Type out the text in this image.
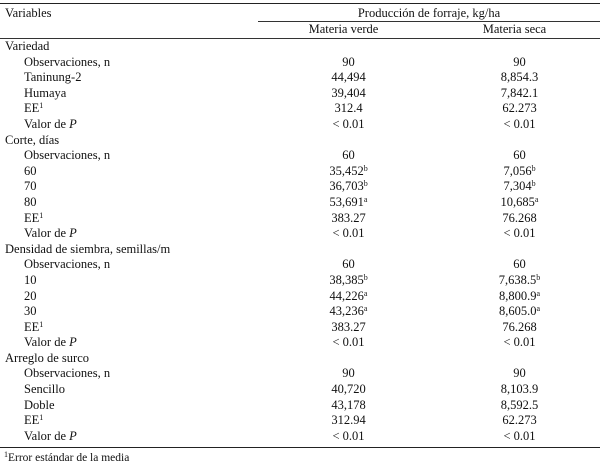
Variables	Producción de forraje, kg/ha
Materia verde	Materia seca
Variedad		
Observaciones, n	90	90
Taninung-2	44,494	8,854.3
Humaya	39,404	7,842.1
$EE^1$	312.4	62.273
Valor de P	< 0.01	< 0.01
Corte, días		
Observaciones, n	60	60
60	35,452$^b$	7,056$^b$
70	36,703$^b$	7,304$^b$
80	53,691$^a$	10,685$^a$
$EE^1$	383.27	76.268
Valor de P	< 0.01	< 0.01
Densidad de siembra, semillas/m		
Observaciones, n	60	60
10	38,385$^b$	7,638.5$^b$
20	44,226$^a$	8,800.9$^a$
30	43,236$^a$	8,605.0$^a$
$EE^1$	383.27	76.268
Valor de P	< 0.01	< 0.01
Arreglo de surco		
Observaciones, n	90	90
Sencillo	40,720	8,103.9
Doble	43,178	8,592.5
$EE^1$	312.94	62.273
Valor de P	< 0.01	< 0.01
$^1$Error estándar de la media
